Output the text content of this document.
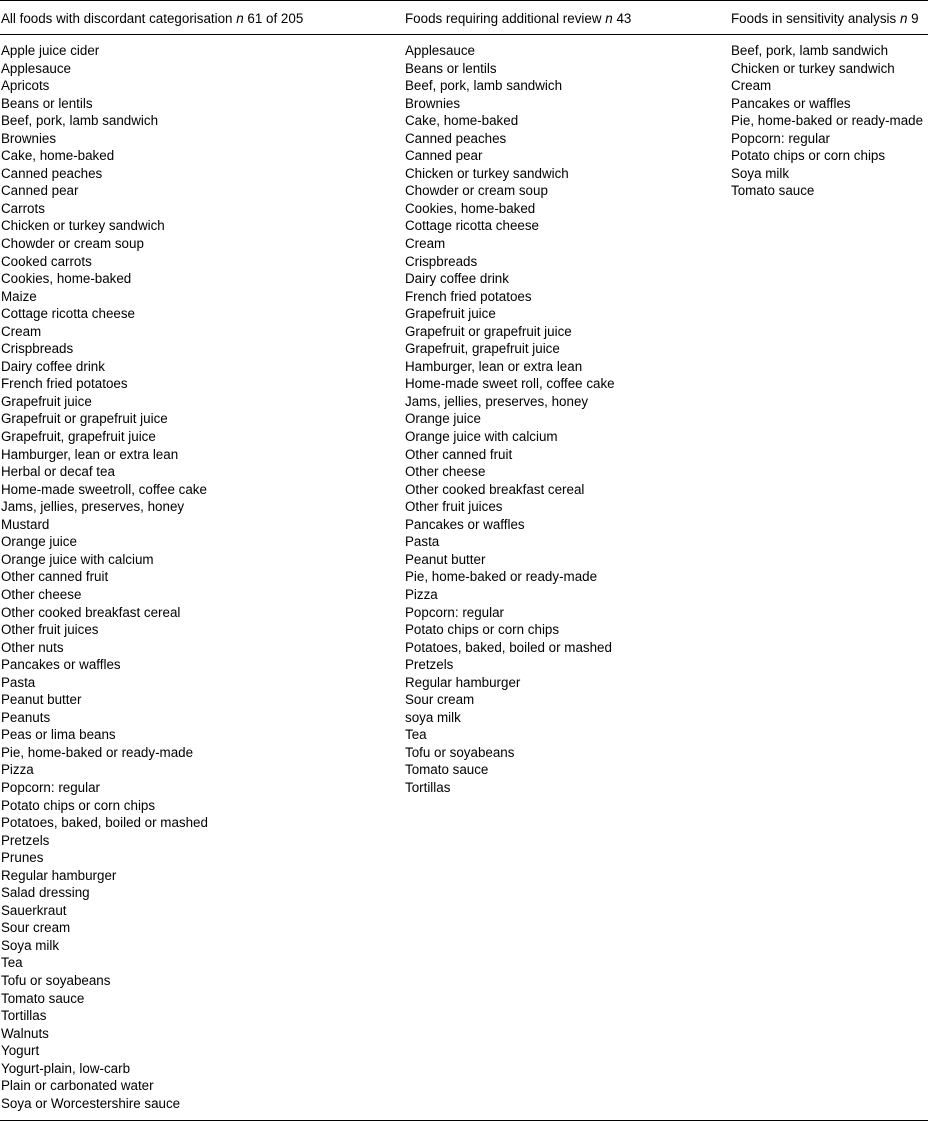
All foods with discordant categorisation n 61 of 205	Foods requiring additional review n 43	Foods in sensitivity analysis n 9
Apple juice cider
Applesauce
Apricots
Beans or lentils
Beef, pork, lamb sandwich
Brownies
Cake, home-baked
Canned peaches
Canned pear
Carrots
Chicken or turkey sandwich
Chowder or cream soup
Cooked carrots
Cookies, home-baked
Maize
Cottage ricotta cheese
Cream
Crispbreads
Dairy coffee drink
French fried potatoes
Grapefruit juice
Grapefruit or grapefruit juice
Grapefruit, grapefruit juice
Hamburger, lean or extra lean
Herbal or decaf tea
Home-made sweetroll, coffee cake
Jams, jellies, preserves, honey
Mustard
Orange juice
Orange juice with calcium
Other canned fruit
Other cheese
Other cooked breakfast cereal
Other fruit juices
Other nuts
Pancakes or waffles
Pasta
Peanut butter
Peanuts
Peas or lima beans
Pie, home-baked or ready-made
Pizza
Popcorn: regular
Potato chips or corn chips
Potatoes, baked, boiled or mashed
Pretzels
Prunes
Regular hamburger
Salad dressing
Sauerkraut
Sour cream
Soya milk
Tea
Tofu or soyabeans
Tomato sauce
Tortillas
Walnuts
Yogurt
Yogurt-plain, low-carb
Plain or carbonated water
Soya or Worcestershire sauce
Applesauce
Beans or lentils
Beef, pork, lamb sandwich
Brownies
Cake, home-baked
Canned peaches
Canned pear
Chicken or turkey sandwich
Chowder or cream soup
Cookies, home-baked
Cottage ricotta cheese
Cream
Crispbreads
Dairy coffee drink
French fried potatoes
Grapefruit juice
Grapefruit or grapefruit juice
Grapefruit, grapefruit juice
Hamburger, lean or extra lean
Home-made sweet roll, coffee cake
Jams, jellies, preserves, honey
Orange juice
Orange juice with calcium
Other canned fruit
Other cheese
Other cooked breakfast cereal
Other fruit juices
Pancakes or waffles
Pasta
Peanut butter
Pie, home-baked or ready-made
Pizza
Popcorn: regular
Potato chips or corn chips
Potatoes, baked, boiled or mashed
Pretzels
Regular hamburger
Sour cream
soya milk
Tea
Tofu or soyabeans
Tomato sauce
Tortillas
Beef, pork, lamb sandwich
Chicken or turkey sandwich
Cream
Pancakes or waffles
Pie, home-baked or ready-made
Popcorn: regular
Potato chips or corn chips
Soya milk
Tomato sauce
